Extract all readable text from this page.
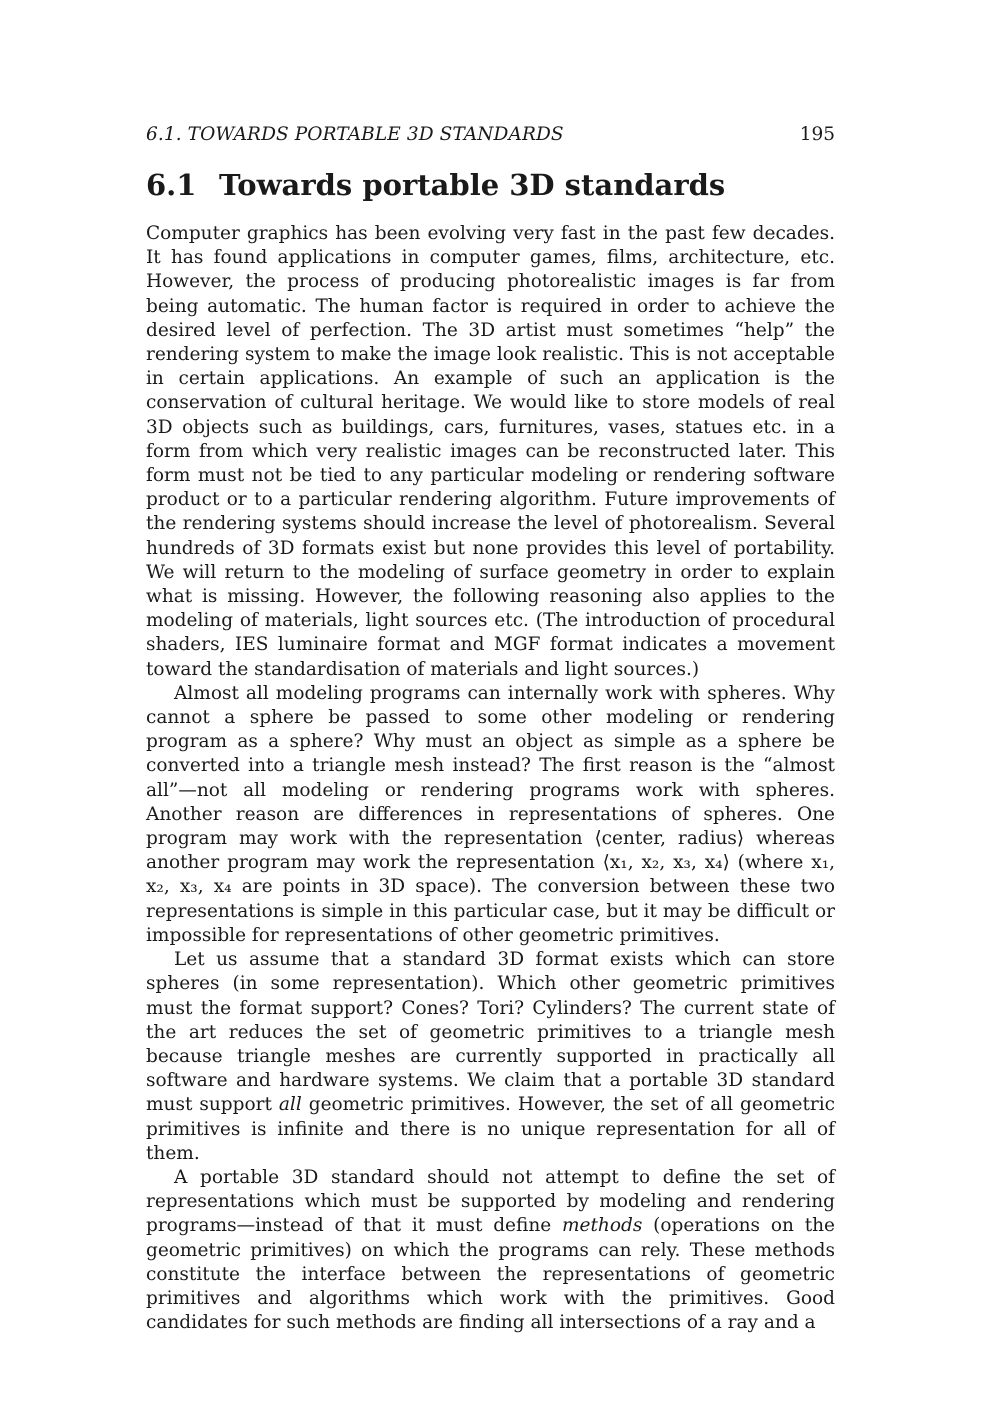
6.1. TOWARDS PORTABLE 3D STANDARDS	195
6.1 Towards portable 3D standards

Computer graphics has been evolving very fast in the past few decades. It has found applications in computer games, films, architecture, etc. However, the process of producing photorealistic images is far from being automatic. The human factor is required in order to achieve the desired level of perfection. The 3D artist must sometimes “help” the rendering system to make the image look realistic. This is not acceptable in certain applications. An example of such an application is the conservation of cultural heritage. We would like to store models of real 3D objects such as buildings, cars, furnitures, vases, statues etc. in a form from which very realistic images can be reconstructed later. This form must not be tied to any particular modeling or rendering software product or to a particular rendering algorithm. Future improvements of the rendering systems should increase the level of photorealism. Several hundreds of 3D formats exist but none provides this level of portability. We will return to the modeling of surface geometry in order to explain what is missing. However, the following reasoning also applies to the modeling of materials, light sources etc. (The introduction of procedural shaders, IES luminaire format and MGF format indicates a movement toward the standardisation of materials and light sources.)

Almost all modeling programs can internally work with spheres. Why cannot a sphere be passed to some other modeling or rendering program as a sphere? Why must an object as simple as a sphere be converted into a triangle mesh instead? The first reason is the “almost all”—not all modeling or rendering programs work with spheres. Another reason are differences in representations of spheres. One program may work with the representation ⟨center, radius⟩ whereas another program may work the representation ⟨x₁, x₂, x₃, x₄⟩ (where x₁, x₂, x₃, x₄ are points in 3D space). The conversion between these two representations is simple in this particular case, but it may be difficult or impossible for representations of other geometric primitives.

Let us assume that a standard 3D format exists which can store spheres (in some representation). Which other geometric primitives must the format support? Cones? Tori? Cylinders? The current state of the art reduces the set of geometric primitives to a triangle mesh because triangle meshes are currently supported in practically all software and hardware systems. We claim that a portable 3D standard must support all geometric primitives. However, the set of all geometric primitives is infinite and there is no unique representation for all of them.

A portable 3D standard should not attempt to define the set of representations which must be supported by modeling and rendering programs—instead of that it must define methods (operations on the geometric primitives) on which the programs can rely. These methods constitute the interface between the representations of geometric primitives and algorithms which work with the primitives. Good candidates for such methods are finding all intersections of a ray and a
